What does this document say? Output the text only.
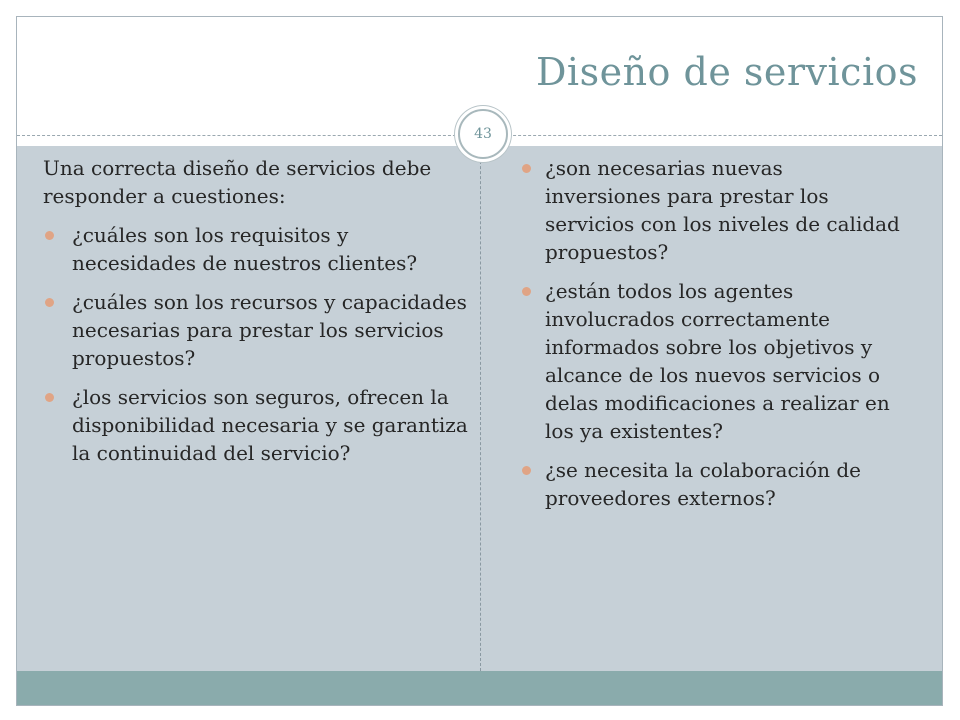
Diseño de servicios
43

Una correcta diseño de servicios debe responder a cuestiones:

¿cuáles son los requisitos y necesidades de nuestros clientes?
¿cuáles son los recursos y capacidades necesarias para prestar los servicios propuestos?
¿los servicios son seguros, ofrecen la disponibilidad necesaria y se garantiza la continuidad del servicio?
¿son necesarias nuevas inversiones para prestar los servicios con los niveles de calidad propuestos?
¿están todos los agentes involucrados correctamente informados sobre los objetivos y alcance de los nuevos servicios o delas modificaciones a realizar en los ya existentes?
¿se necesita la colaboración de proveedores externos?
